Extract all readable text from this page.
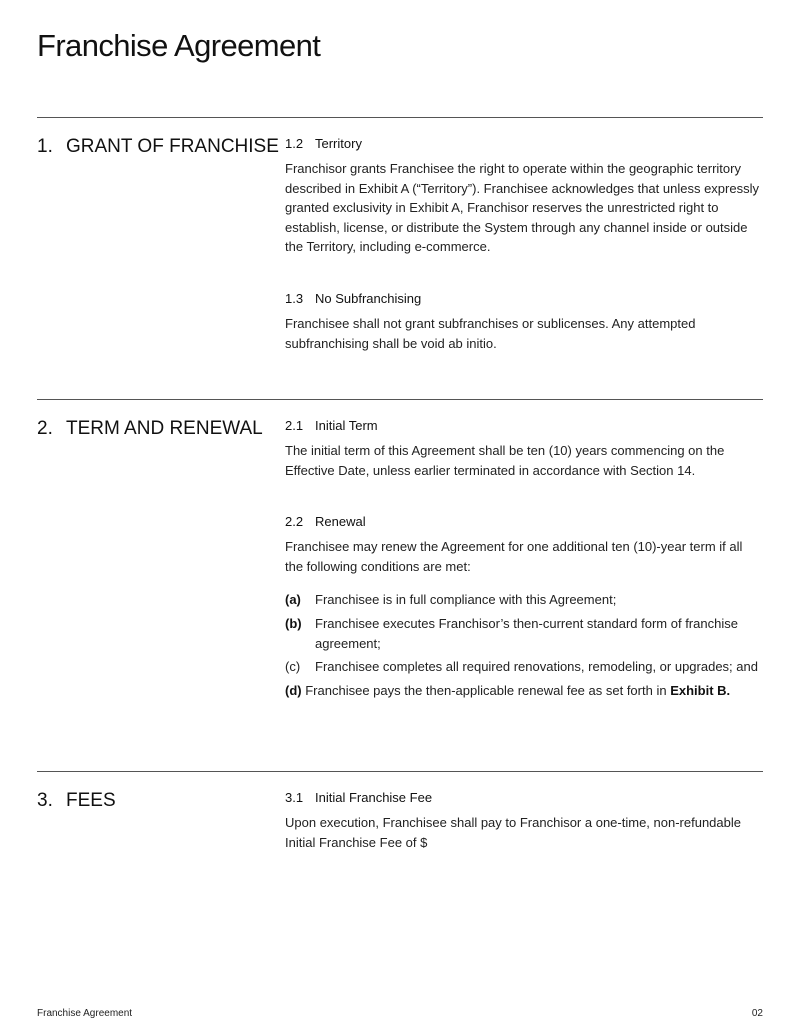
Franchise Agreement
1. GRANT OF FRANCHISE 1.2 Territory

Franchisor grants Franchisee the right to operate within the geographic territory described in Exhibit A (“Territory”). Franchisee acknowledges that unless expressly granted exclusivity in Exhibit A, Franchisor reserves the unrestricted right to establish, license, or distribute the System through any channel inside or outside the Territory, including e-commerce.

1.3 No Subfranchising

Franchisee shall not grant subfranchises or sublicenses. Any attempted subfranchising shall be void ab initio.

2. TERM AND RENEWAL 2.1 Initial Term

The initial term of this Agreement shall be ten (10) years commencing on the Effective Date, unless earlier terminated in accordance with Section 14.

2.2 Renewal

Franchisee may renew the Agreement for one additional ten (10)-year term if all the following conditions are met:

(a)	Franchisee is in full compliance with this Agreement;
(b)	Franchisee executes Franchisor’s then-current standard form of franchise agreement;
(c)	Franchisee completes all required renovations, remodeling, or upgrades; and
(d) Franchisee pays the then-applicable renewal fee as set forth in Exhibit B.
3. FEES	3.1 Initial Franchise Fee

Upon execution, Franchisee shall pay to Franchisor a one-time, non-refundable Initial Franchise Fee of $

Franchise Agreement	02
